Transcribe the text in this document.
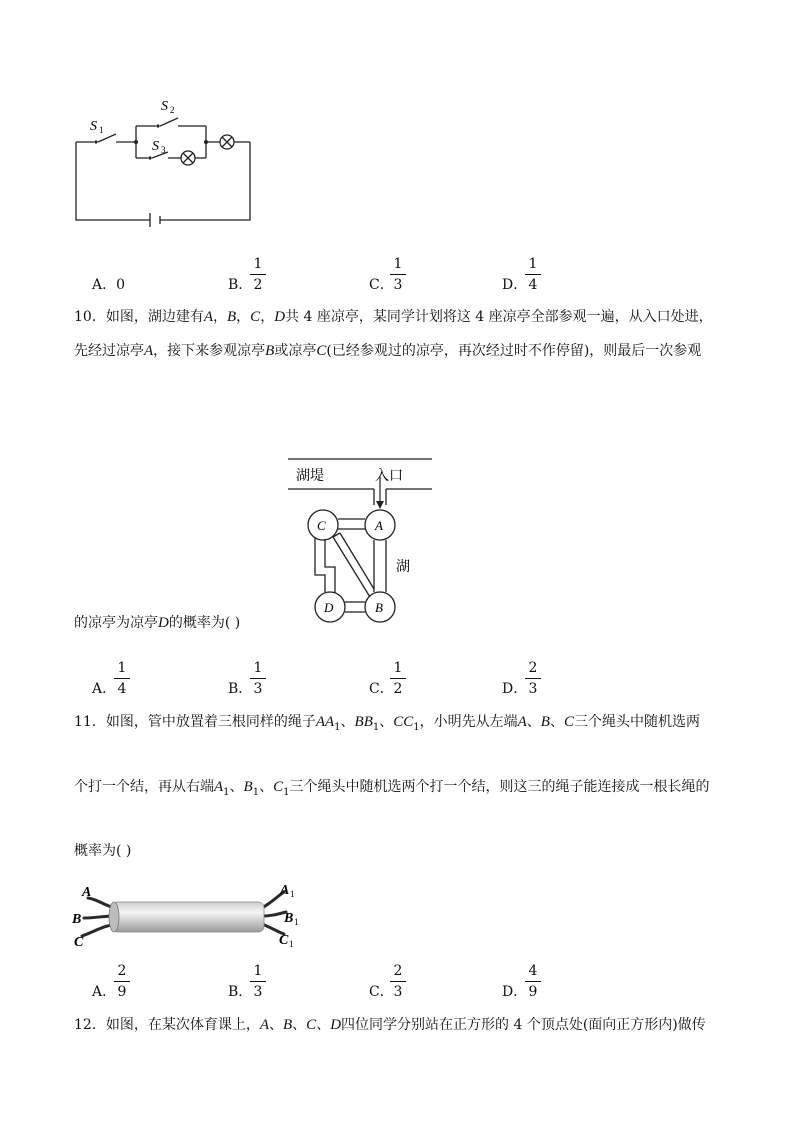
S 1
S 2
S 3
A．0	B．
1
2	C．
1
3	D．
1
4
10．如图，湖边建有A，B，C，D共 4 座凉亭，某同学计划将这 4 座凉亭全部参观一遍，从入口处进，
先经过凉亭A，接下来参观凉亭B或凉亭C(已经参观过的凉亭，再次经过时不作停留)，则最后一次参观
湖堤	入口
湖
C	A
D	B
的凉亭为凉亭D的概率为( )
A．
1
4	B．
1
3	C．
1
2	D．
2
3
11．如图，管中放置着三根同样的绳子$AA_1$、$BB_1$、$CC_1$，小明先从左端A、B、C三个绳头中随机选两
个打一个结，再从右端$A_1$、$B_1$、$C_1$三个绳头中随机选两个打一个结，则这三的绳子能连接成一根长绳的
概率为( )
A
B
C
A 1
B 1
C 1
A．
2
9	B．
1
3	C．
2
3	D．
4
9
12．如图，在某次体育课上，A、B、C、D四位同学分别站在正方形的 4 个顶点处(面向正方形内)做传
